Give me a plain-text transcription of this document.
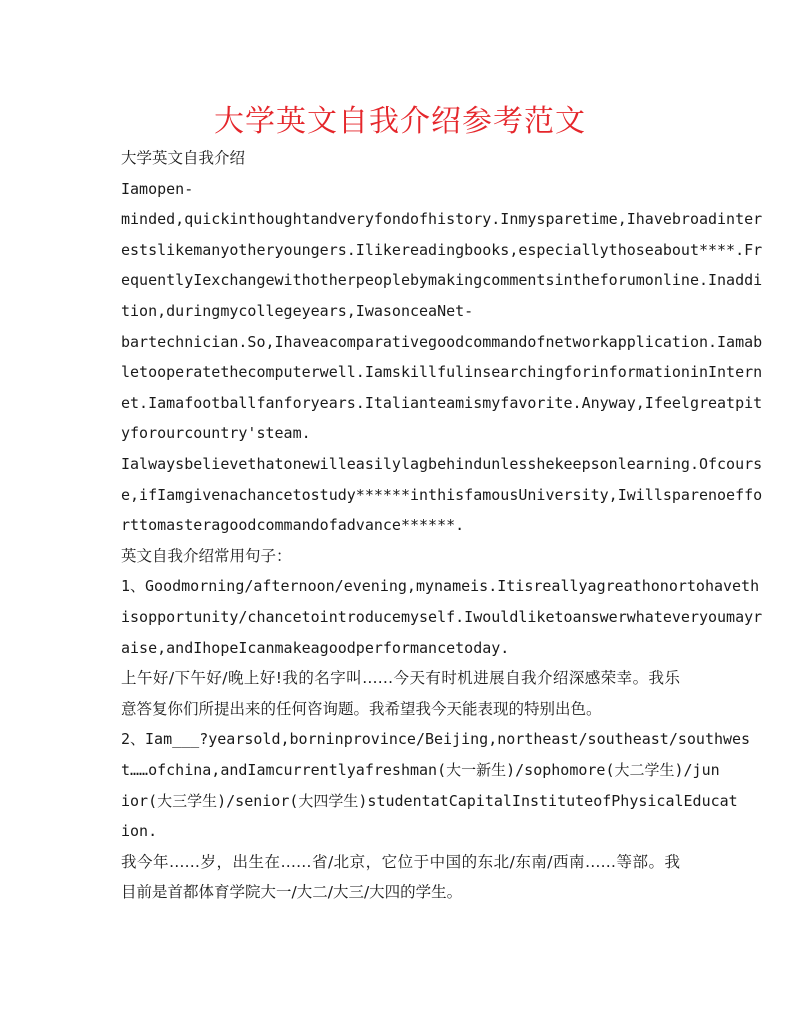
大学英文自我介绍参考范文
大学英文自我介绍
Iamopen-
minded,quickinthoughtandveryfondofhistory.Inmysparetime,Ihavebroadinter
estslikemanyotheryoungers.Ilikereadingbooks,especiallythoseabout****.Fr
equentlyIexchangewithotherpeoplebymakingcommentsintheforumonline.Inaddi
tion,duringmycollegeyears,IwasonceaNet-
bartechnician.So,Ihaveacomparativegoodcommandofnetworkapplication.Iamab
letooperatethecomputerwell.IamskillfulinsearchingforinformationinIntern
et.Iamafootballfanforyears.Italianteamismyfavorite.Anyway,Ifeelgreatpit
yforourcountry'steam.
Ialwaysbelievethatonewilleasilylagbehindunlesshekeepsonlearning.Ofcours
e,ifIamgivenachancetostudy******inthisfamousUniversity,Iwillsparenoeffo
rttomasteragoodcommandofadvance******.
英文自我介绍常用句子：
1、Goodmorning/afternoon/evening,mynameis.Itisreallyagreathonortohaveth
isopportunity/chancetointroducemyself.Iwouldliketoanswerwhateveryoumayr
aise,andIhopeIcanmakeagoodperformancetoday.
上午好/下午好/晚上好!我的名字叫……今天有时机进展自我介绍深感荣幸。我乐
意答复你们所提出来的任何咨询题。我希望我今天能表现的特别出色。
2、Iam___?yearsold,borninprovince/Beijing,northeast/southeast/southwes
t……ofchina,andIamcurrentlyafreshman(大一新生)/sophomore(大二学生)/jun
ior(大三学生)/senior(大四学生)studentatCapitalInstituteofPhysicalEducat
ion.
我今年……岁，出生在……省/北京，它位于中国的东北/东南/西南……等部。我
目前是首都体育学院大一/大二/大三/大四的学生。
